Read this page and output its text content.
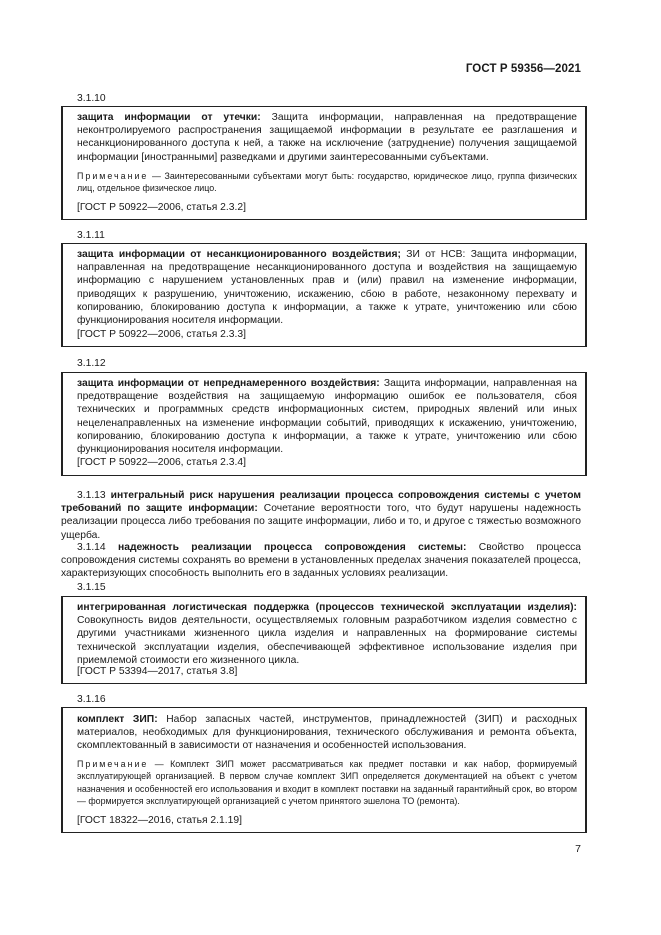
ГОСТ Р 59356—2021
3.1.10
защита информации от утечки: Защита информации, направленная на предотвращение неконтролируемого распространения защищаемой информации в результате ее разглашения и несанкционированного доступа к ней, а также на исключение (затруднение) получения защищаемой информации [иностранными] разведками и другими заинтересованными субъектами.
Примечание — Заинтересованными субъектами могут быть: государство, юридическое лицо, группа физических лиц, отдельное физическое лицо.
[ГОСТ Р 50922—2006, статья 2.3.2]
3.1.11
защита информации от несанкционированного воздействия; ЗИ от НСВ: Защита информации, направленная на предотвращение несанкционированного доступа и воздействия на защищаемую информацию с нарушением установленных прав и (или) правил на изменение информации, приводящих к разрушению, уничтожению, искажению, сбою в работе, незаконному перехвату и копированию, блокированию доступа к информации, а также к утрате, уничтожению или сбою функционирования носителя информации.
[ГОСТ Р 50922—2006, статья 2.3.3]
3.1.12
защита информации от непреднамеренного воздействия: Защита информации, направленная на предотвращение воздействия на защищаемую информацию ошибок ее пользователя, сбоя технических и программных средств информационных систем, природных явлений или иных нецеленаправленных на изменение информации событий, приводящих к искажению, уничтожению, копированию, блокированию доступа к информации, а также к утрате, уничтожению или сбою функционирования носителя информации.
[ГОСТ Р 50922—2006, статья 2.3.4]
3.1.13 интегральный риск нарушения реализации процесса сопровождения системы с учетом требований по защите информации: Сочетание вероятности того, что будут нарушены надежность реализации процесса либо требования по защите информации, либо и то, и другое с тяжестью возможного ущерба.
3.1.14 надежность реализации процесса сопровождения системы: Свойство процесса сопровождения системы сохранять во времени в установленных пределах значения показателей процесса, характеризующих способность выполнить его в заданных условиях реализации.
3.1.15
интегрированная логистическая поддержка (процессов технической эксплуатации изделия): Совокупность видов деятельности, осуществляемых головным разработчиком изделия совместно с другими участниками жизненного цикла изделия и направленных на формирование системы технической эксплуатации изделия, обеспечивающей эффективное использование изделия при приемлемой стоимости его жизненного цикла.
[ГОСТ Р 53394—2017, статья 3.8]
3.1.16
комплект ЗИП: Набор запасных частей, инструментов, принадлежностей (ЗИП) и расходных материалов, необходимых для функционирования, технического обслуживания и ремонта объекта, скомплектованный в зависимости от назначения и особенностей использования.
Примечание — Комплект ЗИП может рассматриваться как предмет поставки и как набор, формируемый эксплуатирующей организацией. В первом случае комплект ЗИП определяется документацией на объект с учетом назначения и особенностей его использования и входит в комплект поставки на заданный гарантийный срок, во втором — формируется эксплуатирующей организацией с учетом принятого эшелона ТО (ремонта).
[ГОСТ 18322—2016, статья 2.1.19]
7
